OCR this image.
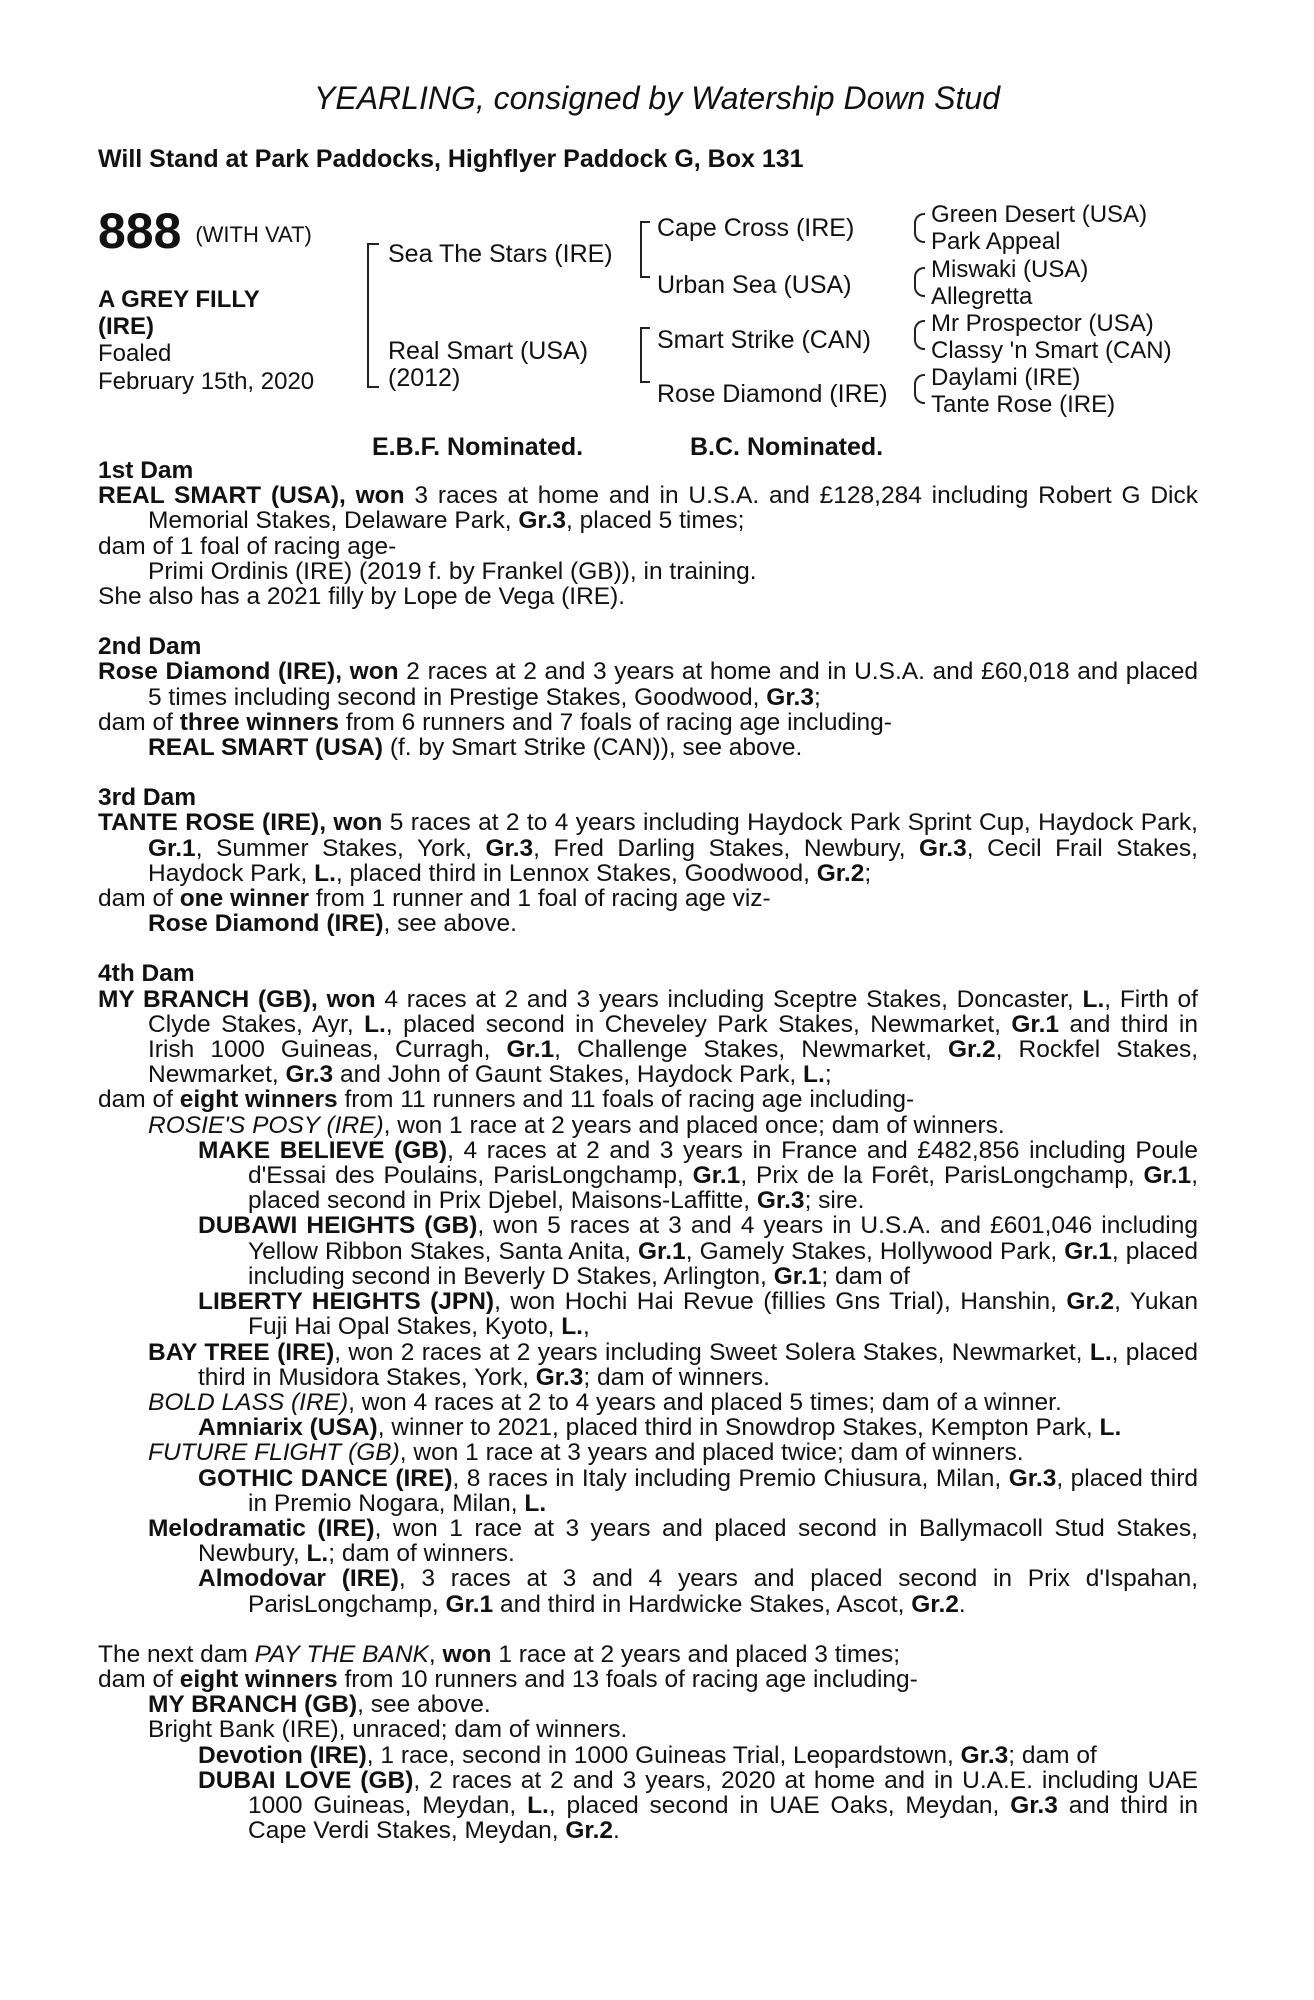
YEARLING, consigned by Watership Down Stud
Will Stand at Park Paddocks, Highflyer Paddock G, Box 131
888 (WITH VAT)
A GREY FILLY
(IRE)
Foaled
February 15th, 2020
Sea The Stars (IRE)
Real Smart (USA)
(2012)
Cape Cross (IRE)
Urban Sea (USA)
Smart Strike (CAN)
Rose Diamond (IRE)
Green Desert (USA)
Park Appeal
Miswaki (USA)
Allegretta
Mr Prospector (USA)
Classy 'n Smart (CAN)
Daylami (IRE)
Tante Rose (IRE)
E.B.F. Nominated.	B.C. Nominated.

1st Dam

REAL SMART (USA), won 3 races at home and in U.S.A. and £128,284 including Robert G Dick Memorial Stakes, Delaware Park, Gr.3, placed 5 times;

dam of 1 foal of racing age-

Primi Ordinis (IRE) (2019 f. by Frankel (GB)), in training.

She also has a 2021 filly by Lope de Vega (IRE).

2nd Dam

Rose Diamond (IRE), won 2 races at 2 and 3 years at home and in U.S.A. and £60,018 and placed 5 times including second in Prestige Stakes, Goodwood, Gr.3;

dam of three winners from 6 runners and 7 foals of racing age including-

REAL SMART (USA) (f. by Smart Strike (CAN)), see above.

3rd Dam

TANTE ROSE (IRE), won 5 races at 2 to 4 years including Haydock Park Sprint Cup, Haydock Park, Gr.1, Summer Stakes, York, Gr.3, Fred Darling Stakes, Newbury, Gr.3, Cecil Frail Stakes, Haydock Park, L., placed third in Lennox Stakes, Goodwood, Gr.2;

dam of one winner from 1 runner and 1 foal of racing age viz-

Rose Diamond (IRE), see above.

4th Dam

MY BRANCH (GB), won 4 races at 2 and 3 years including Sceptre Stakes, Doncaster, L., Firth of Clyde Stakes, Ayr, L., placed second in Cheveley Park Stakes, Newmarket, Gr.1 and third in Irish 1000 Guineas, Curragh, Gr.1, Challenge Stakes, Newmarket, Gr.2, Rockfel Stakes, Newmarket, Gr.3 and John of Gaunt Stakes, Haydock Park, L.;

dam of eight winners from 11 runners and 11 foals of racing age including-

ROSIE'S POSY (IRE), won 1 race at 2 years and placed once; dam of winners.

MAKE BELIEVE (GB), 4 races at 2 and 3 years in France and £482,856 including Poule d'Essai des Poulains, ParisLongchamp, Gr.1, Prix de la Forêt, ParisLongchamp, Gr.1, placed second in Prix Djebel, Maisons-Laffitte, Gr.3; sire.

DUBAWI HEIGHTS (GB), won 5 races at 3 and 4 years in U.S.A. and £601,046 including Yellow Ribbon Stakes, Santa Anita, Gr.1, Gamely Stakes, Hollywood Park, Gr.1, placed including second in Beverly D Stakes, Arlington, Gr.1; dam of

LIBERTY HEIGHTS (JPN), won Hochi Hai Revue (fillies Gns Trial), Hanshin, Gr.2, Yukan Fuji Hai Opal Stakes, Kyoto, L.,

BAY TREE (IRE), won 2 races at 2 years including Sweet Solera Stakes, Newmarket, L., placed third in Musidora Stakes, York, Gr.3; dam of winners.

BOLD LASS (IRE), won 4 races at 2 to 4 years and placed 5 times; dam of a winner.

Amniarix (USA), winner to 2021, placed third in Snowdrop Stakes, Kempton Park, L.

FUTURE FLIGHT (GB), won 1 race at 3 years and placed twice; dam of winners.

GOTHIC DANCE (IRE), 8 races in Italy including Premio Chiusura, Milan, Gr.3, placed third in Premio Nogara, Milan, L.

Melodramatic (IRE), won 1 race at 3 years and placed second in Ballymacoll Stud Stakes, Newbury, L.; dam of winners.

Almodovar (IRE), 3 races at 3 and 4 years and placed second in Prix d'Ispahan, ParisLongchamp, Gr.1 and third in Hardwicke Stakes, Ascot, Gr.2.

The next dam PAY THE BANK, won 1 race at 2 years and placed 3 times;

dam of eight winners from 10 runners and 13 foals of racing age including-

MY BRANCH (GB), see above.

Bright Bank (IRE), unraced; dam of winners.

Devotion (IRE), 1 race, second in 1000 Guineas Trial, Leopardstown, Gr.3; dam of

DUBAI LOVE (GB), 2 races at 2 and 3 years, 2020 at home and in U.A.E. including UAE 1000 Guineas, Meydan, L., placed second in UAE Oaks, Meydan, Gr.3 and third in Cape Verdi Stakes, Meydan, Gr.2.
